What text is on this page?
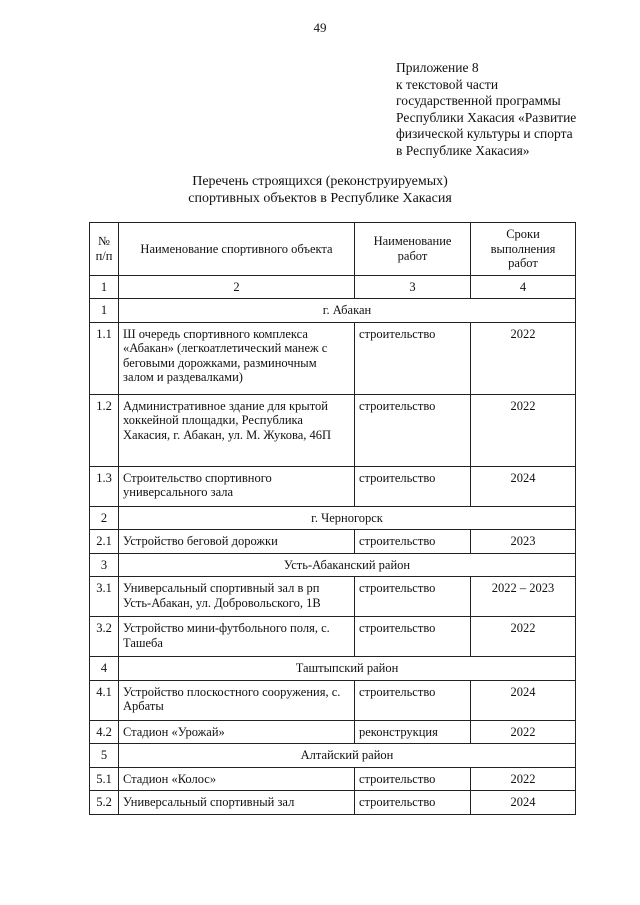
49
Приложение 8
к текстовой части
государственной программы
Республики Хакасия «Развитие
физической культуры и спорта
в Республике Хакасия»
Перечень строящихся (реконструируемых)
спортивных объектов в Республике Хакасия
№ п/п	Наименование спортивного объекта	Наименование работ	Сроки выполнения работ
1	2	3	4
1	г. Абакан		
1.1	Ш очередь спортивного комплекса «Абакан» (легкоатлетический манеж с беговыми дорожками, разминочным залом и раздевалками)	строительство	2022
1.2	Административное здание для крытой хоккейной площадки, Республика Хакасия, г. Абакан, ул. М. Жукова, 46П	строительство	2022
1.3	Строительство спортивного универсального зала	строительство	2024
2	г. Черногорск		
2.1	Устройство беговой дорожки	строительство	2023
3	Усть-Абаканский район		
3.1	Универсальный спортивный зал в рп Усть-Абакан, ул. Добровольского, 1В	строительство	2022 – 2023
3.2	Устройство мини-футбольного поля, с. Ташеба	строительство	2022
4	Таштыпский район		
4.1	Устройство плоскостного сооружения, с. Арбаты	строительство	2024
4.2	Стадион «Урожай»	реконструкция	2022
5	Алтайский район		
5.1	Стадион «Колос»	строительство	2022
5.2	Универсальный спортивный зал	строительство	2024
